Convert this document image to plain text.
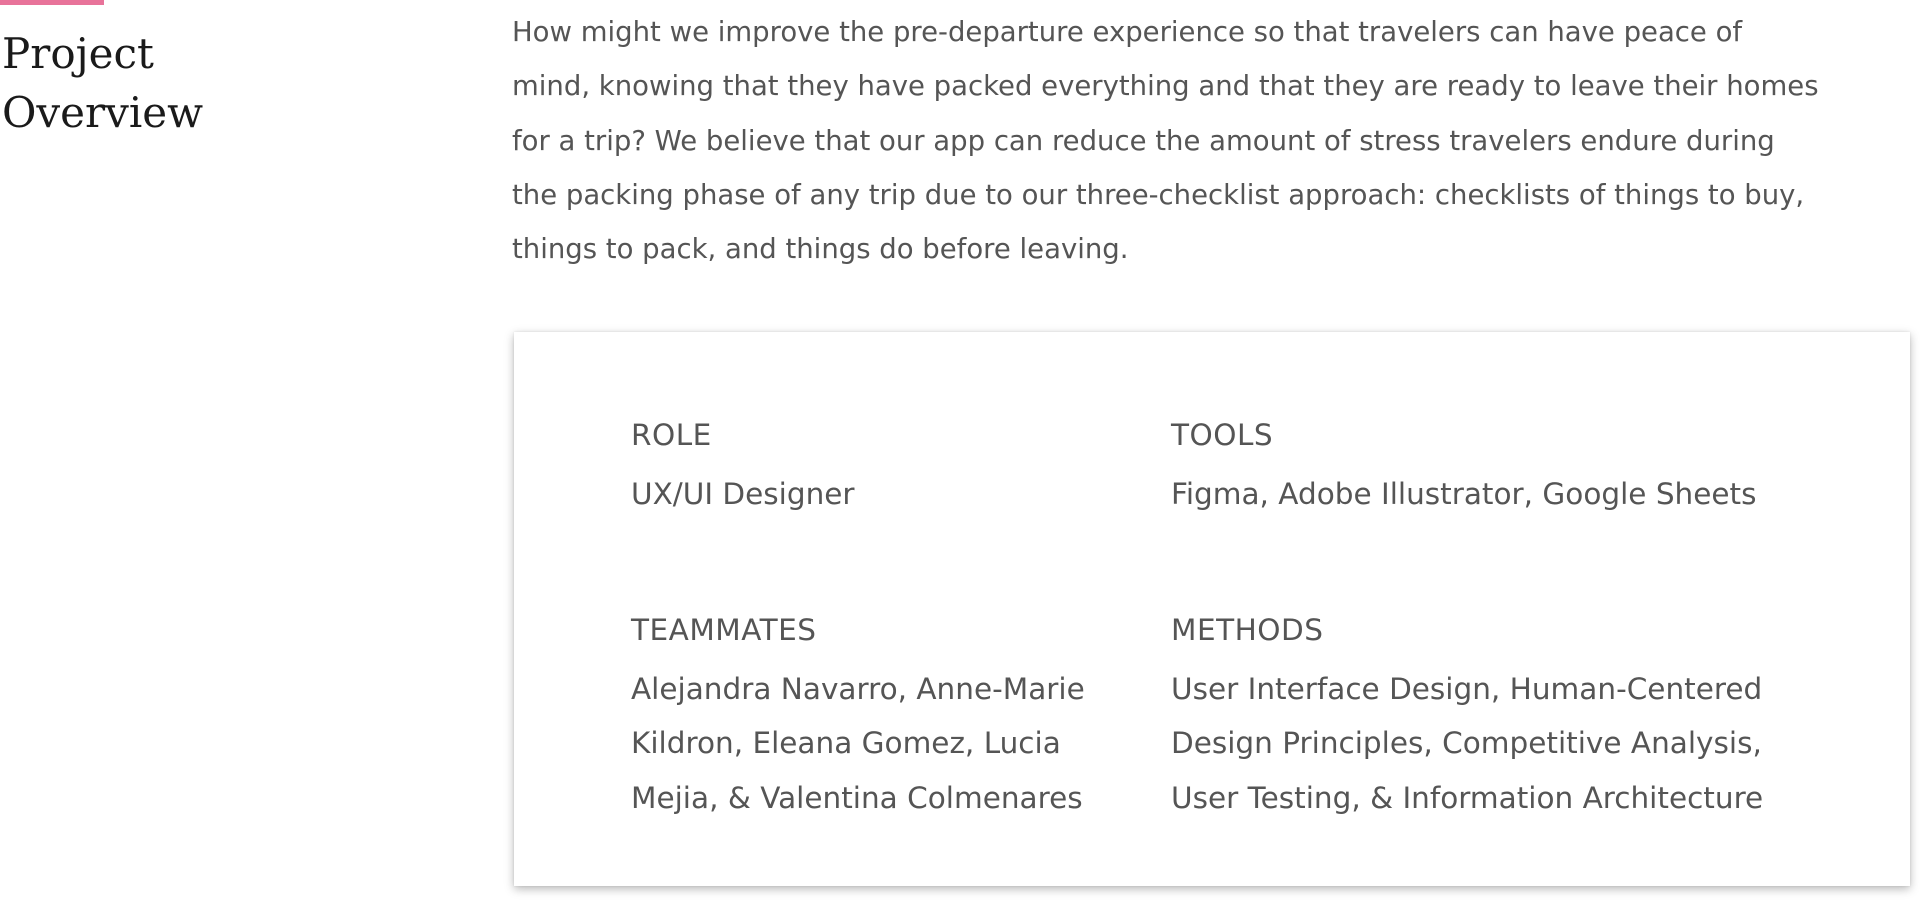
Project
Overview

How might we improve the pre-departure experience so that travelers can have peace of
mind, knowing that they have packed everything and that they are ready to leave their homes
for a trip? We believe that our app can reduce the amount of stress travelers endure during
the packing phase of any trip due to our three-checklist approach: checklists of things to buy,
things to pack, and things do before leaving.

ROLE

UX/UI Designer

TOOLS

Figma, Adobe Illustrator, Google Sheets

TEAMMATES

Alejandra Navarro, Anne-Marie
Kildron, Eleana Gomez, Lucia
Mejia, & Valentina Colmenares

METHODS

User Interface Design, Human-Centered
Design Principles, Competitive Analysis,
User Testing, & Information Architecture
